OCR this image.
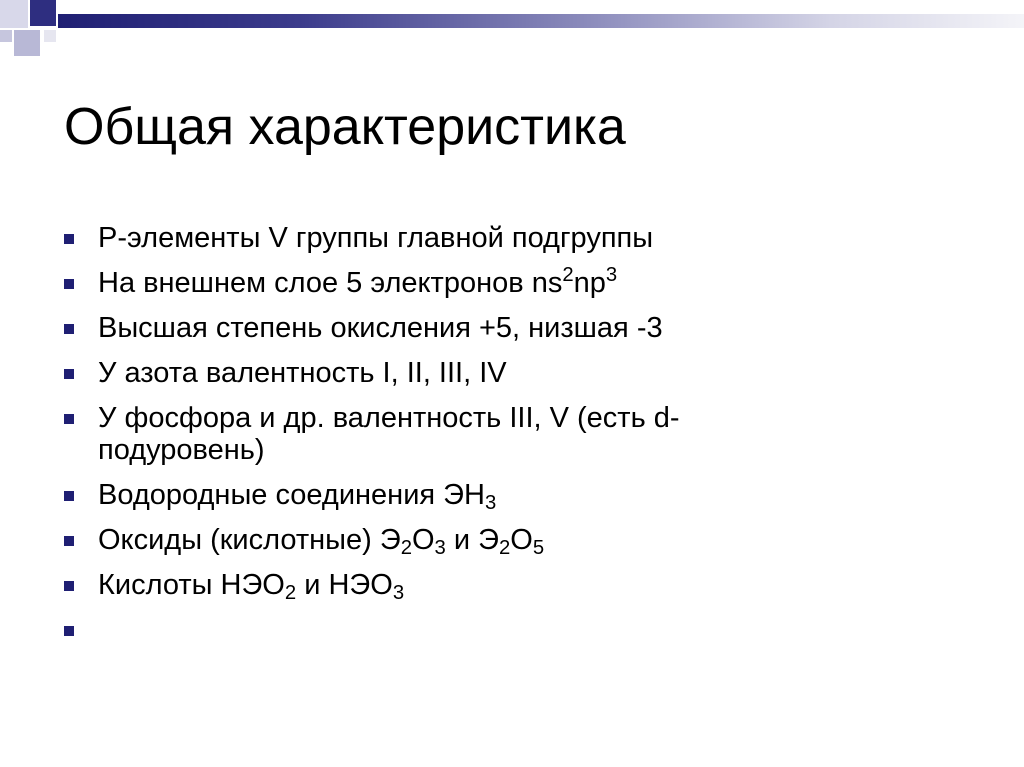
Общая характеристика
Р-элементы V группы главной подгруппы
На внешнем слое 5 электронов $ns^2np^3$
Высшая степень окисления +5, низшая -3
У азота валентность I, II, III, IV
У фосфора и др. валентность III, V (есть d-
подуровень)
Водородные соединения $ЭН_3$
Оксиды (кислотные) $Э_2О_3$ и $Э_2О_5$
Кислоты $НЭО_2$ и $НЭО_3$
